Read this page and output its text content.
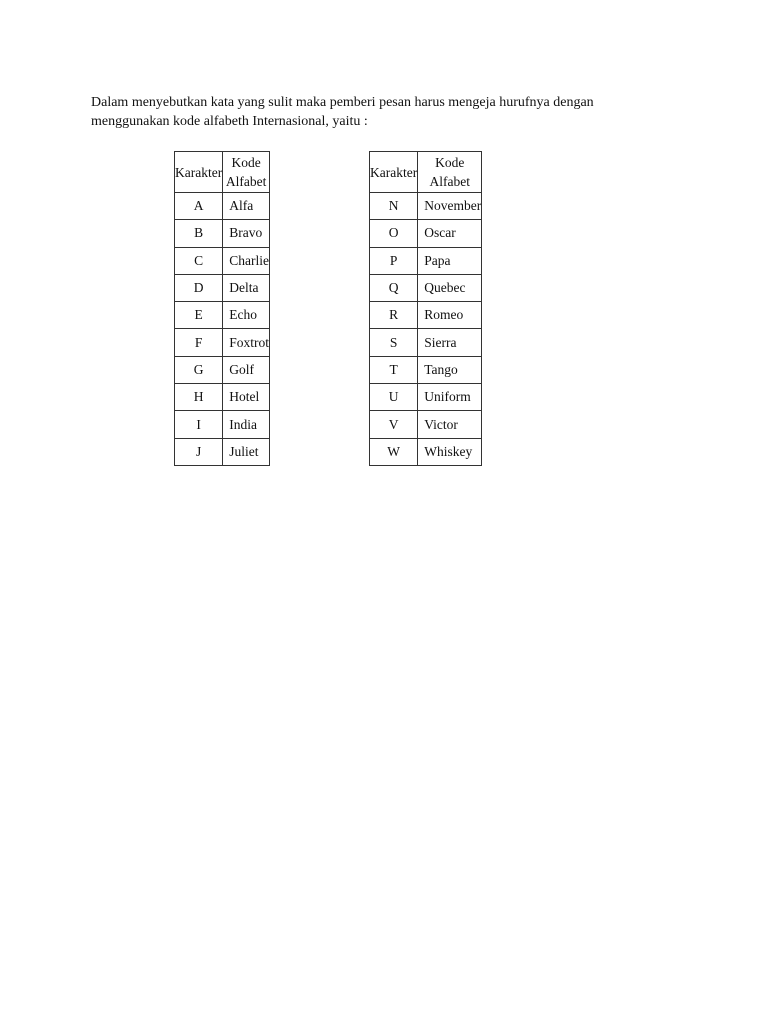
Dalam menyebutkan kata yang sulit maka pemberi pesan harus mengeja hurufnya dengan
menggunakan kode alfabeth Internasional, yaitu :

Karakter	Kode Alfabet
A	Alfa
B	Bravo
C	Charlie
D	Delta
E	Echo
F	Foxtrot
G	Golf
H	Hotel
I	India
J	Juliet
Karakter	Kode
Alfabet
N	November
O	Oscar
P	Papa
Q	Quebec
R	Romeo
S	Sierra
T	Tango
U	Uniform
V	Victor
W	Whiskey
